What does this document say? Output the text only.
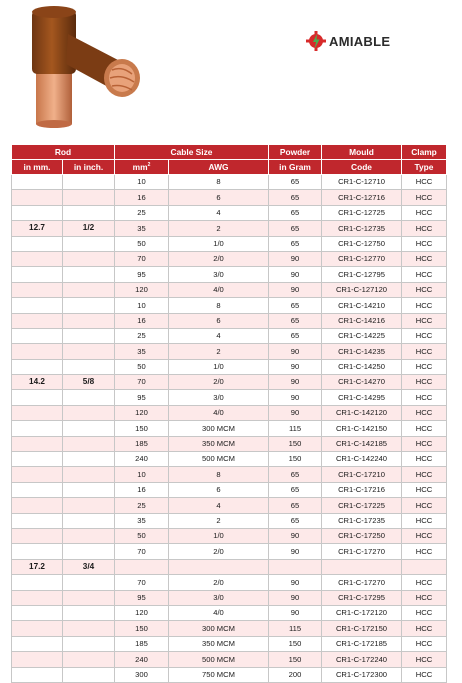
AMIABLE
Rod		Cable Size		Powder	Mould	Clamp
in mm.	in inch.	$mm^2$	AWG	in Gram	Code	Type
		10	8	65	CR1-C-12710	HCC
		16	6	65	CR1-C-12716	HCC
		25	4	65	CR1-C-12725	HCC
12.7	1/2	35	2	65	CR1-C-12735	HCC
		50	1/0	65	CR1-C-12750	HCC
		70	2/0	90	CR1-C-12770	HCC
		95	3/0	90	CR1-C-12795	HCC
		120	4/0	90	CR1-C-127120	HCC
		10	8	65	CR1-C-14210	HCC
		16	6	65	CR1-C-14216	HCC
		25	4	65	CR1-C-14225	HCC
		35	2	90	CR1-C-14235	HCC
		50	1/0	90	CR1-C-14250	HCC
14.2	5/8	70	2/0	90	CR1-C-14270	HCC
		95	3/0	90	CR1-C-14295	HCC
		120	4/0	90	CR1-C-142120	HCC
		150	300 MCM	115	CR1-C-142150	HCC
		185	350 MCM	150	CR1-C-142185	HCC
		240	500 MCM	150	CR1-C-142240	HCC
		10	8	65	CR1-C-17210	HCC
		16	6	65	CR1-C-17216	HCC
		25	4	65	CR1-C-17225	HCC
		35	2	65	CR1-C-17235	HCC
		50	1/0	90	CR1-C-17250	HCC
		70	2/0	90	CR1-C-17270	HCC
17.2	3/4					
		70	2/0	90	CR1-C-17270	HCC
		95	3/0	90	CR1-C-17295	HCC
		120	4/0	90	CR1-C-172120	HCC
		150	300 MCM	115	CR1-C-172150	HCC
		185	350 MCM	150	CR1-C-172185	HCC
		240	500 MCM	150	CR1-C-172240	HCC
		300	750 MCM	200	CR1-C-172300	HCC
